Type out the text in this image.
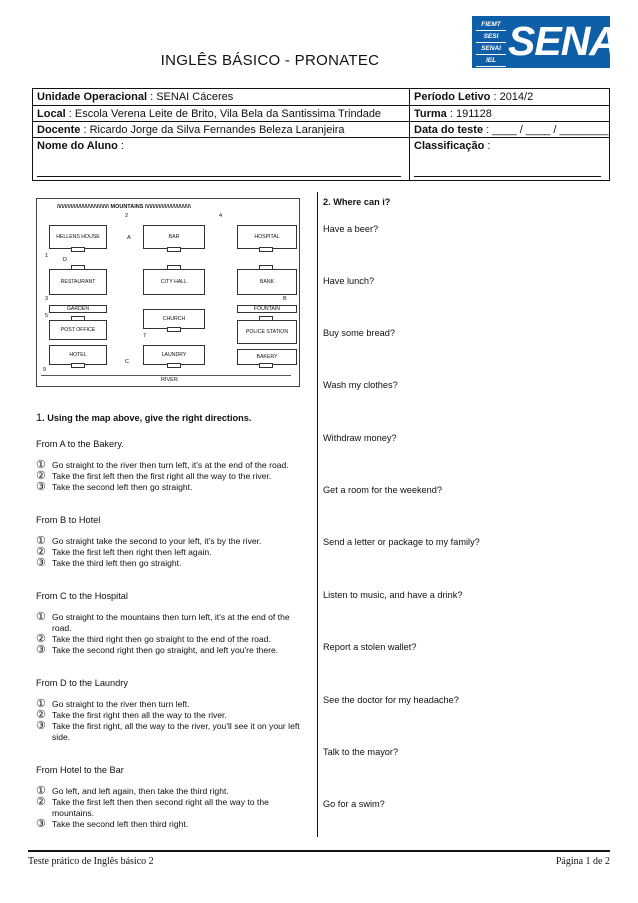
INGLÊS BÁSICO - PRONATEC
FIEMT
SESI
SENAI
IEL SENAI
Unidade Operacional : SENAI Cáceres	Período Letivo : 2014/2
Local : Escola Verena Leite de Brito, Vila Bela da Santissima Trindade	Turma : 191128
Docente : Ricardo Jorge da Silva Fernandes Beleza Laranjeira	Data do teste : ____ / ____ / ________
Nome do Aluno :	Classificação :
/\/\/\/\/\/\/\/\/\/\/\/\/\/\/\/\/\ MOUNTAINS /\/\/\/\/\/\/\/\/\/\/\/\/\/\/\
2	4
HELLENS HOUSE	A	BAR	HOSPITAL
1
D
RESTAURANT	CITY HALL	BANK
3	B
GARDEN	FOUNTAIN
5	CHURCH
POST OFFICE
7
POLICE STATION
HOTEL
C
LAUNDRY	BAKERY
9
RIVER
1. Using the map above, give the right directions.
From A to the Bakery.
① Go straight to the river then turn left, it's at the end of the road.
② Take the first left then the first right all the way to the river.
③ Take the second left then go straight.
From B to Hotel
① Go straight take the second to your left, it's by the river.
② Take the first left then right then left again.
③ Take the third left then go straight.
From C to the Hospital
① Go straight to the mountains then turn left, it's at the end of the road.
② Take the third right then go straight to the end of the road.
③ Take the second right then go straight, and left you're there.
From D to the Laundry
① Go straight to the river then turn left.
② Take the first right then all the way to the river.
③ Take the first right, all the way to the river, you'll see it on your left side.
From Hotel to the Bar
① Go left, and left again, then take the third right.
② Take the first left then then second right all the way to the mountains.
③ Take the second left then third right.
2. Where can i?
Have a beer?
Have lunch?
Buy some bread?
Wash my clothes?
Withdraw money?
Get a room for the weekend?
Send a letter or package to my family?
Listen to music, and have a drink?
Report a stolen wallet?
See the doctor for my headache?
Talk to the mayor?
Go for a swim?
Teste prático de Inglês básico 2	Página 1 de 2
